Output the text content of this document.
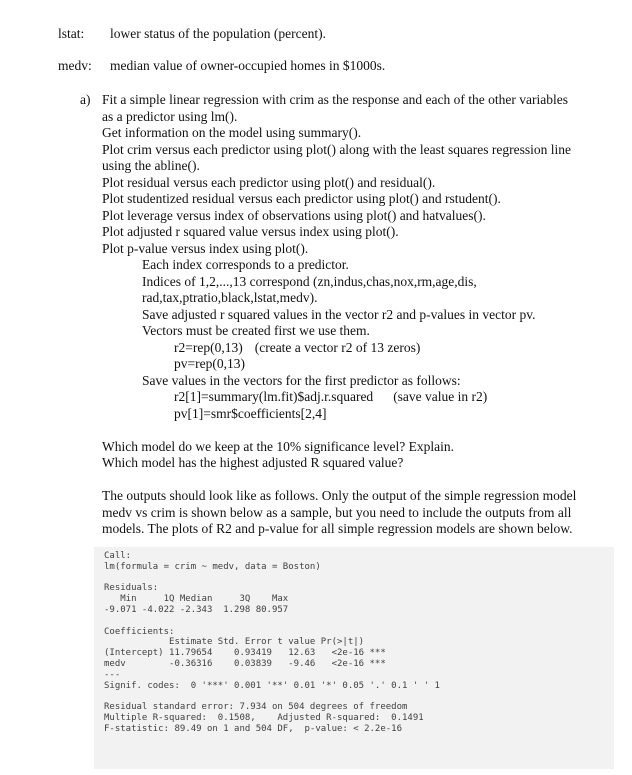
lstat: lower status of the population (percent).
medv: median value of owner-occupied homes in $1000s.
a) Fit a simple linear regression with crim as the response and each of the other variables
as a predictor using lm().
Get information on the model using summary().
Plot crim versus each predictor using plot() along with the least squares regression line
using the abline().
Plot residual versus each predictor using plot() and residual().
Plot studentized residual versus each predictor using plot() and rstudent().
Plot leverage versus index of observations using plot() and hatvalues().
Plot adjusted r squared value versus index using plot().
Plot p-value versus index using plot().
Each index corresponds to a predictor.
Indices of 1,2,...,13 correspond (zn,indus,chas,nox,rm,age,dis,
rad,tax,ptratio,black,lstat,medv).
Save adjusted r squared values in the vector r2 and p-values in vector pv.
Vectors must be created first we use them.
r2=rep(0,13) (create a vector r2 of 13 zeros)
pv=rep(0,13)
Save values in the vectors for the first predictor as follows:
r2[1]=summary(lm.fit)$adj.r.squared (save value in r2)
pv[1]=smr$coefficients[2,4]
Which model do we keep at the 10% significance level? Explain.
Which model has the highest adjusted R squared value?
The outputs should look like as follows. Only the output of the simple regression model
medv vs crim is shown below as a sample, but you need to include the outputs from all
models. The plots of R2 and p-value for all simple regression models are shown below.
Call:
lm(formula = crim ~ medv, data = Boston)
Residuals:
Min     1Q Median     3Q    Max
-9.071 -4.022 -2.343  1.298 80.957
Coefficients:
Estimate Std. Error t value Pr(>|t|)
(Intercept) 11.79654    0.93419   12.63   <2e-16 ***
medv        -0.36316    0.03839   -9.46   <2e-16 ***
---
Signif. codes:  0 '***' 0.001 '**' 0.01 '*' 0.05 '.' 0.1 ' ' 1
Residual standard error: 7.934 on 504 degrees of freedom
Multiple R-squared:  0.1508,    Adjusted R-squared:  0.1491
F-statistic: 89.49 on 1 and 504 DF,  p-value: < 2.2e-16
